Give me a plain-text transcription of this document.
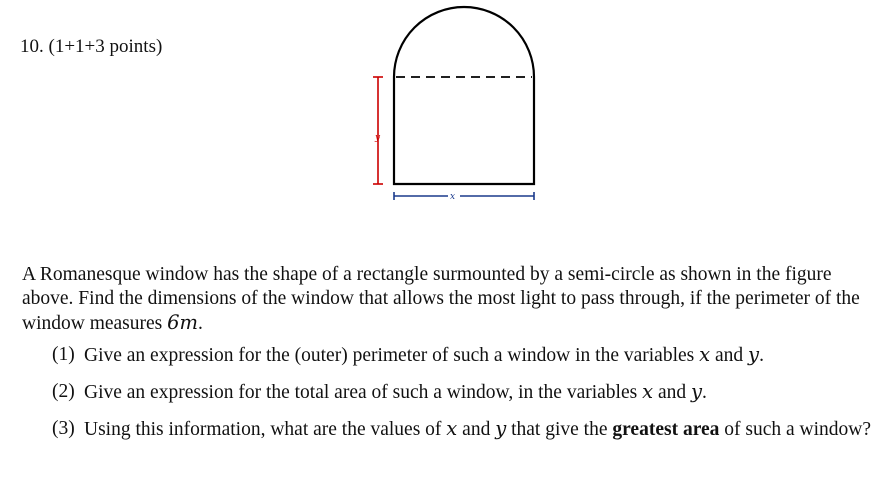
10. (1+1+3 points)
y
x

A Romanesque window has the shape of a rectangle surmounted by a semi-circle as shown in the figure above. Find the dimensions of the window that allows the most light to pass through, if the perimeter of the window measures 6m.

(1) Give an expression for the (outer) perimeter of such a window in the variables x and y.
(2) Give an expression for the total area of such a window, in the variables x and y.
(3) Using this information, what are the values of x and y that give the greatest area of such a window?
